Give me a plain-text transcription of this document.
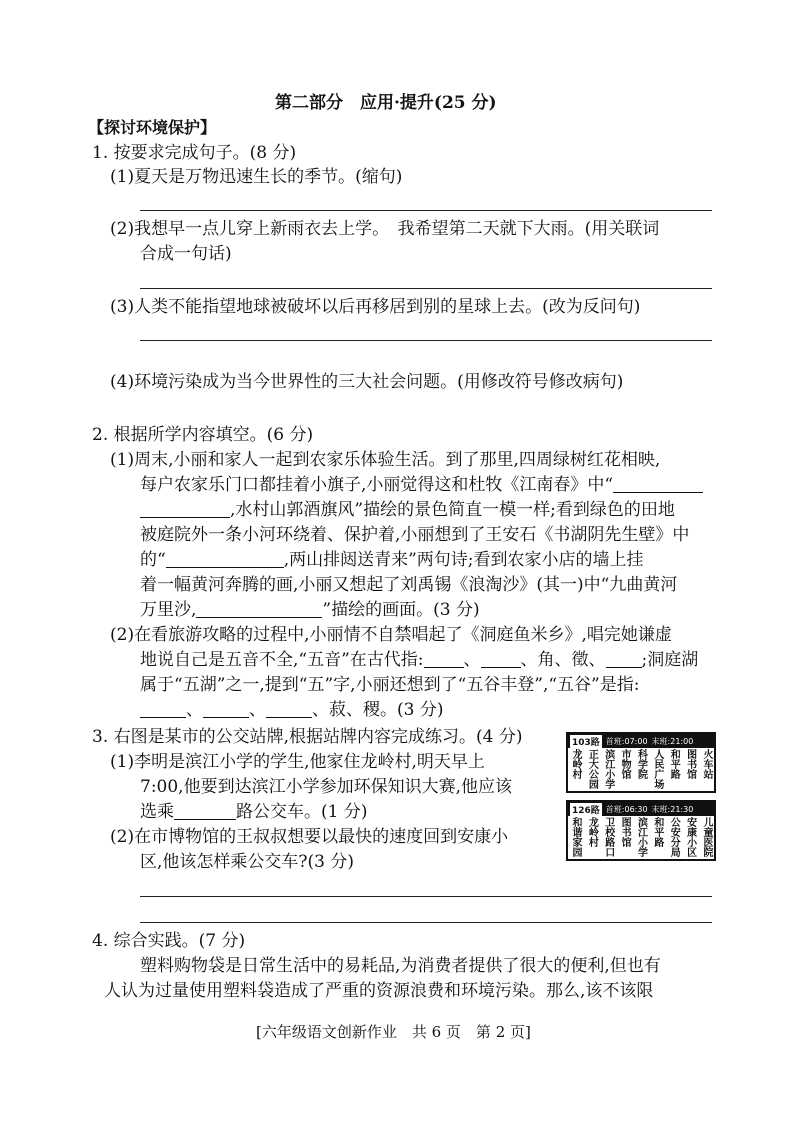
第二部分　应用·提升(25 分)
【探讨环境保护】
1. 按要求完成句子。(8 分)
(1)夏天是万物迅速生长的季节。(缩句)
(2)我想早一点儿穿上新雨衣去上学。　我希望第二天就下大雨。(用关联词
合成一句话)
(3)人类不能指望地球被破坏以后再移居到别的星球上去。(改为反问句)
(4)环境污染成为当今世界性的三大社会问题。(用修改符号修改病句)
2. 根据所学内容填空。(6 分)
(1)周末,小丽和家人一起到农家乐体验生活。到了那里,四周绿树红花相映,
每户农家乐门口都挂着小旗子,小丽觉得这和杜牧《江南春》中“
,水村山郭酒旗风”描绘的景色简直一模一样;看到绿色的田地
被庭院外一条小河环绕着、保护着,小丽想到了王安石《书湖阴先生壁》中
的“	,两山排闼送青来”两句诗;看到农家小店的墙上挂
着一幅黄河奔腾的画,小丽又想起了刘禹锡《浪淘沙》(其一)中“九曲黄河
万里沙,	”描绘的画面。(3 分)
(2)在看旅游攻略的过程中,小丽情不自禁唱起了《洞庭鱼米乡》,唱完她谦虚
地说自己是五音不全,“五音”在古代指: 、 、角、徵、 ;洞庭湖
属于“五湖”之一,提到“五”字,小丽还想到了“五谷丰登”,“五谷”是指:
、	、	、菽、稷。(3 分)
3. 右图是某市的公交站牌,根据站牌内容完成练习。(4 分)
(1)李明是滨江小学的学生,他家住龙岭村,明天早上
7:00,他要到达滨江小学参加环保知识大赛,他应该
选乘	路公交车。(1 分)
(2)在市博物馆的王叔叔想要以最快的速度回到安康小
区,他该怎样乘公交车?(3 分)
103路 首班:07:00 末班:21:00
龙岭村 正大公园 滨江小学 市物馆 科学院 人民广场 和平路 图书馆 火车站
126路 首班:06:30 末班:21:30
和谐家园 龙岭村 卫校路口 图书馆 滨江小学 和平路 公安分局 安康小区 儿童医院
4. 综合实践。(7 分)
塑料购物袋是日常生活中的易耗品,为消费者提供了很大的便利,但也有
人认为过量使用塑料袋造成了严重的资源浪费和环境污染。那么,该不该限
[六年级语文创新作业　共 6 页　第 2 页]
